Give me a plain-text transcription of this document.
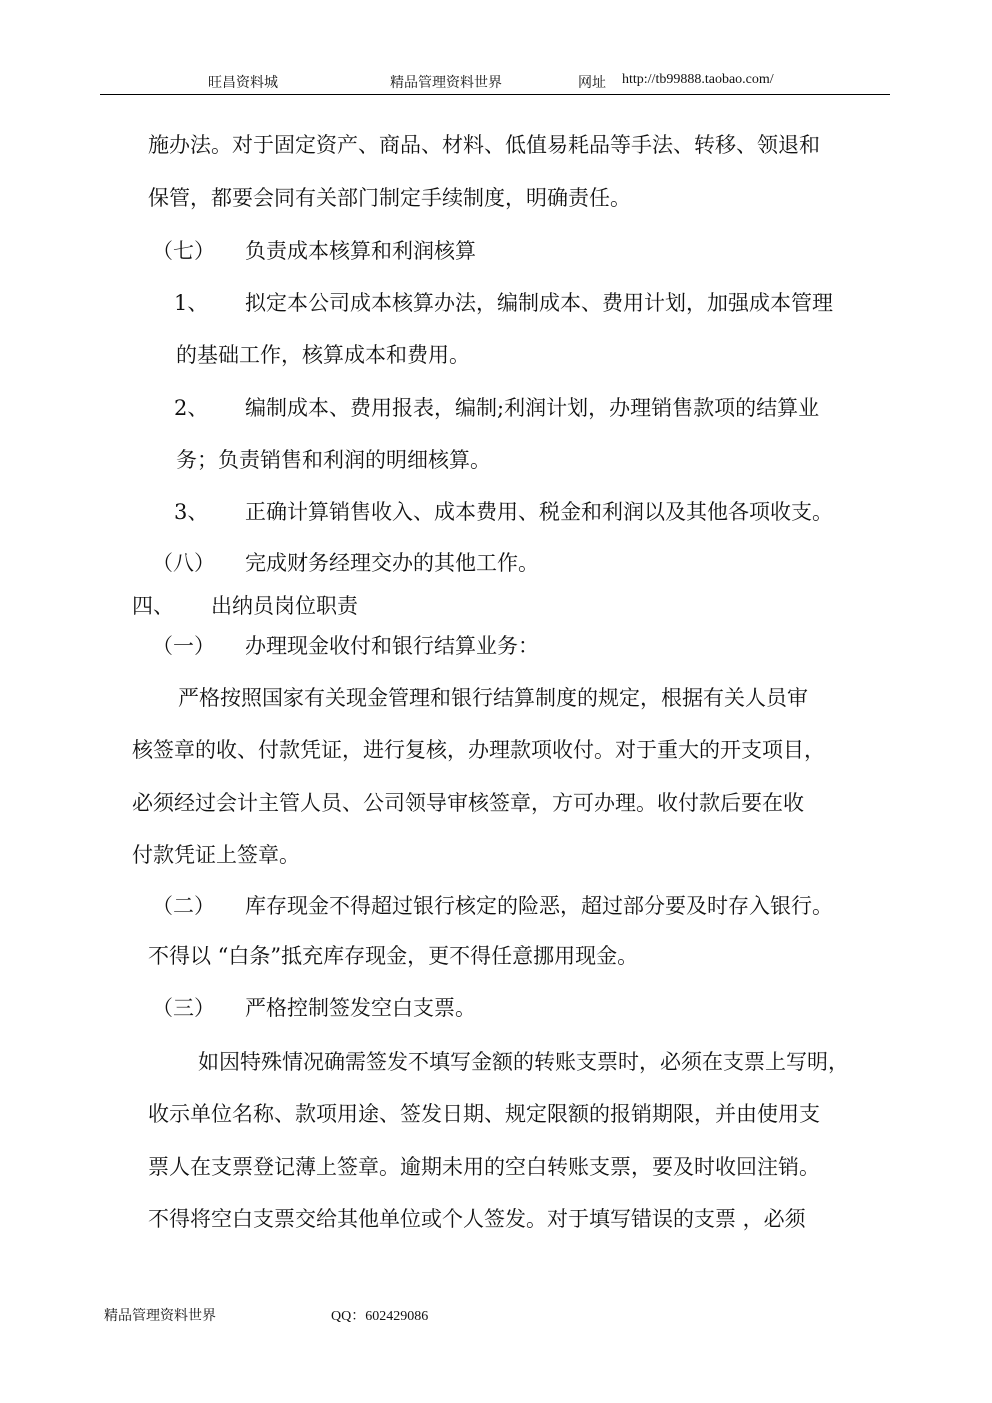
旺昌资料城	精品管理资料世界	网址 http://tb99888.taobao.com/
施办法。对于固定资产、商品、材料、低值易耗品等手法、转移、领退和
保管，都要会同有关部门制定手续制度，明确责任。
（七） 负责成本核算和利润核算
1、 拟定本公司成本核算办法，编制成本、费用计划，加强成本管理
的基础工作，核算成本和费用。
2、 编制成本、费用报表，编制;利润计划，办理销售款项的结算业
务；负责销售和利润的明细核算。
3、 正确计算销售收入、成本费用、税金和利润以及其他各项收支。
（八） 完成财务经理交办的其他工作。
四、 出纳员岗位职责
（一） 办理现金收付和银行结算业务：
严格按照国家有关现金管理和银行结算制度的规定，根据有关人员审
核签章的收、付款凭证，进行复核，办理款项收付。对于重大的开支项目，
必须经过会计主管人员、公司领导审核签章，方可办理。收付款后要在收
付款凭证上签章。
（二） 库存现金不得超过银行核定的险恶，超过部分要及时存入银行。
不得以 “白条”抵充库存现金，更不得任意挪用现金。
（三） 严格控制签发空白支票。
如因特殊情况确需签发不填写金额的转账支票时，必须在支票上写明，
收示单位名称、款项用途、签发日期、规定限额的报销期限，并由使用支
票人在支票登记薄上签章。逾期未用的空白转账支票，要及时收回注销。
不得将空白支票交给其他单位或个人签发。对于填写错误的支票 ，必须
精品管理资料世界	QQ：602429086
